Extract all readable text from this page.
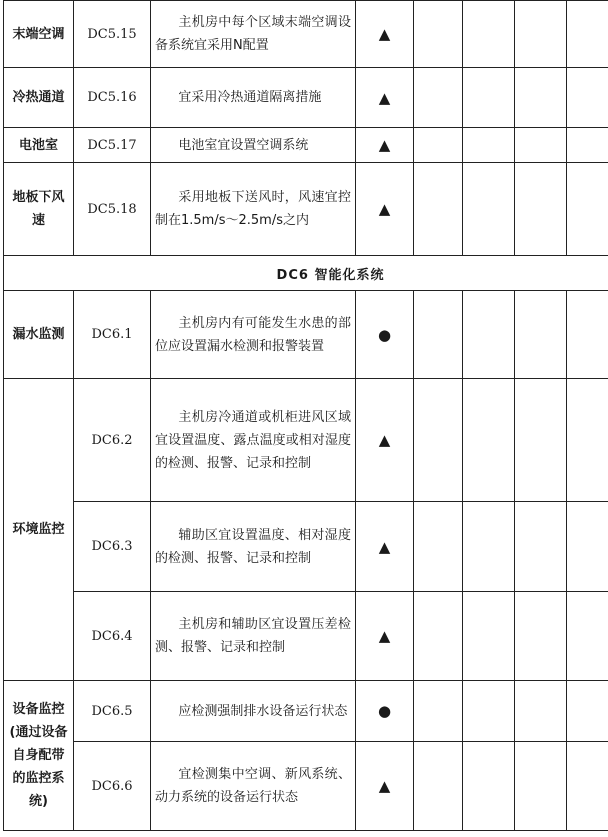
末端空调	DC5.15	主机房中每个区域末端空调设备系统宜采用N配置	▲					
冷热通道	DC5.16	宜采用冷热通道隔离措施	▲					
电池室	DC5.17	电池室宜设置空调系统	▲					
地板下风速	DC5.18	采用地板下送风时，风速宜控制在1.5m/s～2.5m/s之内	▲					
DC6 智能化系统								
漏水监测	DC6.1	主机房内有可能发生水患的部位应设置漏水检测和报警装置	●					
环境监控	DC6.2	主机房冷通道或机柜进风区域宜设置温度、露点温度或相对湿度的检测、报警、记录和控制	▲					
	DC6.3	辅助区宜设置温度、相对湿度的检测、报警、记录和控制	▲					
	DC6.4	主机房和辅助区宜设置压差检测、报警、记录和控制	▲					
设备监控(通过设备自身配带的监控系统)	DC6.5	应检测强制排水设备运行状态	●					
	DC6.6	宜检测集中空调、新风系统、动力系统的设备运行状态	▲					
